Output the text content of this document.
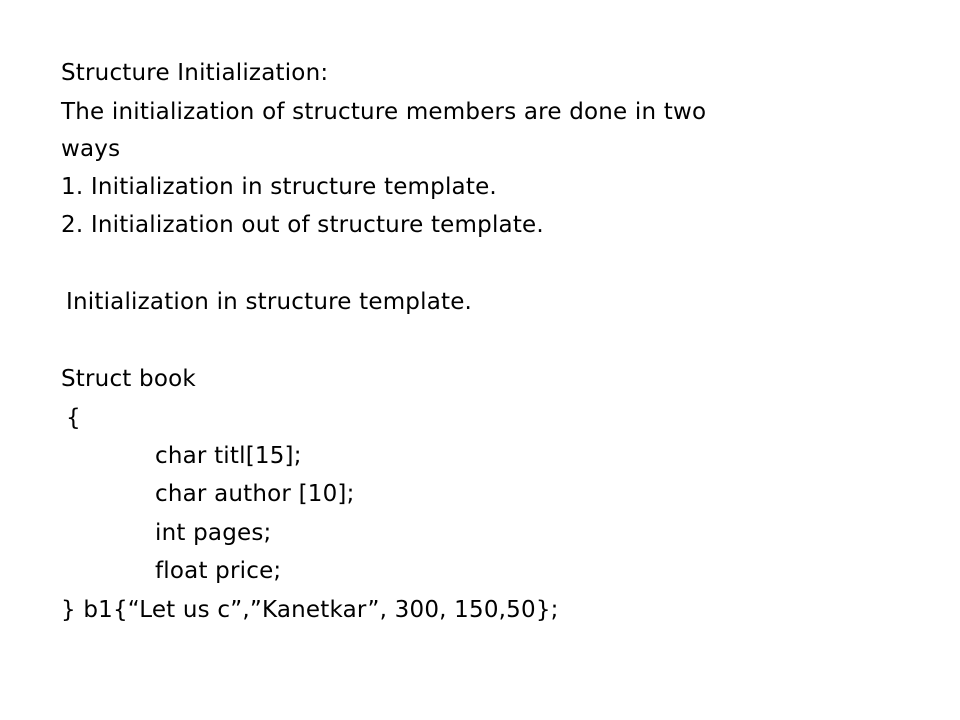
Structure Initialization:
The initialization of structure members are done in two
ways
1. Initialization in structure template.
2. Initialization out of structure template.
Initialization in structure template.
Struct book
{
char titl[15];
char author [10];
int pages;
float price;
} b1{“Let us c”,”Kanetkar”, 300, 150,50};
